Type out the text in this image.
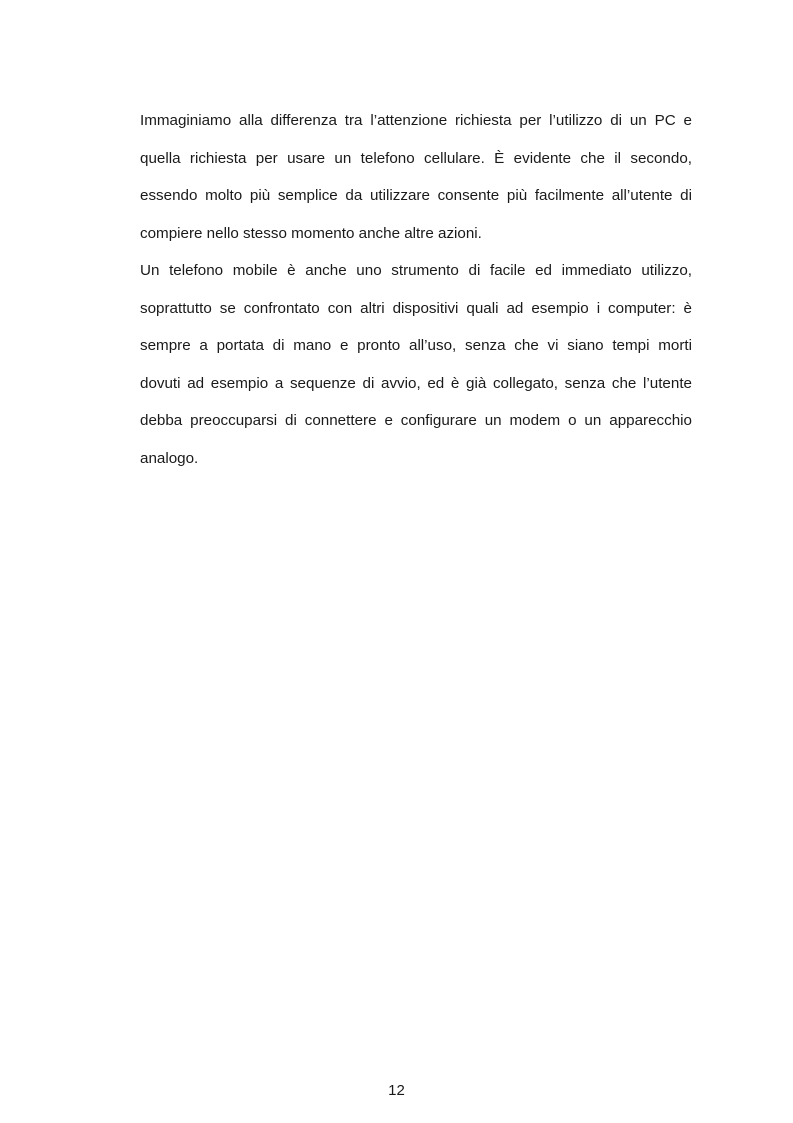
Immaginiamo alla differenza tra l’attenzione richiesta per l’utilizzo di un PC e
quella richiesta per usare un telefono cellulare. È evidente che il secondo,
essendo molto più semplice da utilizzare consente più facilmente all’utente di
compiere nello stesso momento anche altre azioni.
Un telefono mobile è anche uno strumento di facile ed immediato utilizzo,
soprattutto se confrontato con altri dispositivi quali ad esempio i computer: è
sempre a portata di mano e pronto all’uso, senza che vi siano tempi morti
dovuti ad esempio a sequenze di avvio, ed è già collegato, senza che l’utente
debba preoccuparsi di connettere e configurare un modem o un apparecchio
analogo.
12
